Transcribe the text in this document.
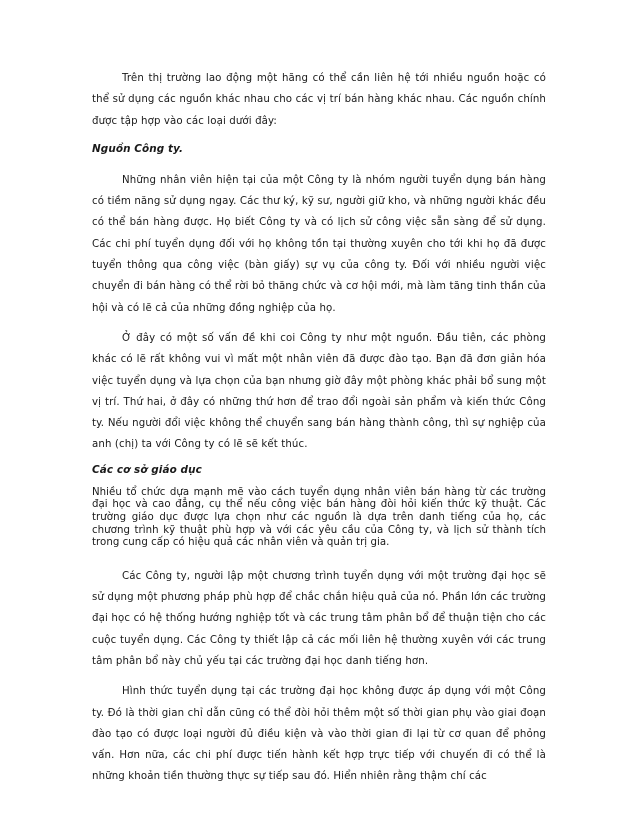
Trên thị trường lao động một hãng có thể cần liên hệ tới nhiều nguồn hoặc có thể sử dụng các nguồn khác nhau cho các vị trí bán hàng khác nhau. Các nguồn chính được tập hợp vào các loại dưới đây:

Nguồn Công ty.

Những nhân viên hiện tại của một Công ty là nhóm người tuyển dụng bán hàng có tiềm năng sử dụng ngay. Các thư ký, kỹ sư, người giữ kho, và những người khác đều có thể bán hàng được. Họ biết Công ty và có lịch sử công việc sẵn sàng để sử dụng. Các chi phí tuyển dụng đối với họ không tồn tại thường xuyên cho tới khi họ đã được tuyển thông qua công việc (bàn giấy) sự vụ của công ty. Đối với nhiều người việc chuyển đi bán hàng có thể rời bỏ thăng chức và cơ hội mới, mà làm tăng tinh thần của hội và có lẽ cả của những đồng nghiệp của họ.

Ở đây có một số vấn đề khi coi Công ty như một nguồn. Đầu tiên, các phòng khác có lẽ rất không vui vì mất một nhân viên đã được đào tạo. Bạn đã đơn giản hóa việc tuyển dụng và lựa chọn của bạn nhưng giờ đây một phòng khác phải bổ sung một vị trí. Thứ hai, ở đây có những thứ hơn để trao đổi ngoài sản phẩm và kiến thức Công ty. Nếu người đổi việc không thể chuyển sang bán hàng thành công, thì sự nghiệp của anh (chị) ta với Công ty có lẽ sẽ kết thúc.

Các cơ sở giáo dục

Nhiều tổ chức dựa mạnh mẽ vào cách tuyển dụng nhân viên bán hàng từ các trường đại học và cao đẳng, cụ thể nếu công việc bán hàng đòi hỏi kiến thức kỹ thuật. Các trường giáo dục được lựa chọn như các nguồn là dựa trên danh tiếng của họ, các chương trình kỹ thuật phù hợp và với các yêu cầu của Công ty, và lịch sử thành tích trong cung cấp có hiệu quả các nhân viên và quản trị gia.

Các Công ty, người lập một chương trình tuyển dụng với một trường đại học sẽ sử dụng một phương pháp phù hợp để chắc chắn hiệu quả của nó. Phần lớn các trường đại học có hệ thống hướng nghiệp tốt và các trung tâm phân bổ để thuận tiện cho các cuộc tuyển dụng. Các Công ty thiết lập cả các mối liên hệ thường xuyên với các trung tâm phân bổ này chủ yếu tại các trường đại học danh tiếng hơn.

Hình thức tuyển dụng tại các trường đại học không được áp dụng với một Công ty. Đó là thời gian chỉ dẫn cũng có thể đòi hỏi thêm một số thời gian phụ vào giai đoạn đào tạo có được loại người đủ điều kiện và vào thời gian đi lại từ cơ quan để phỏng vấn. Hơn nữa, các chi phí được tiến hành kết hợp trực tiếp với chuyến đi có thể là những khoản tiền thường thực sự tiếp sau đó. Hiển nhiên rằng thậm chí các
